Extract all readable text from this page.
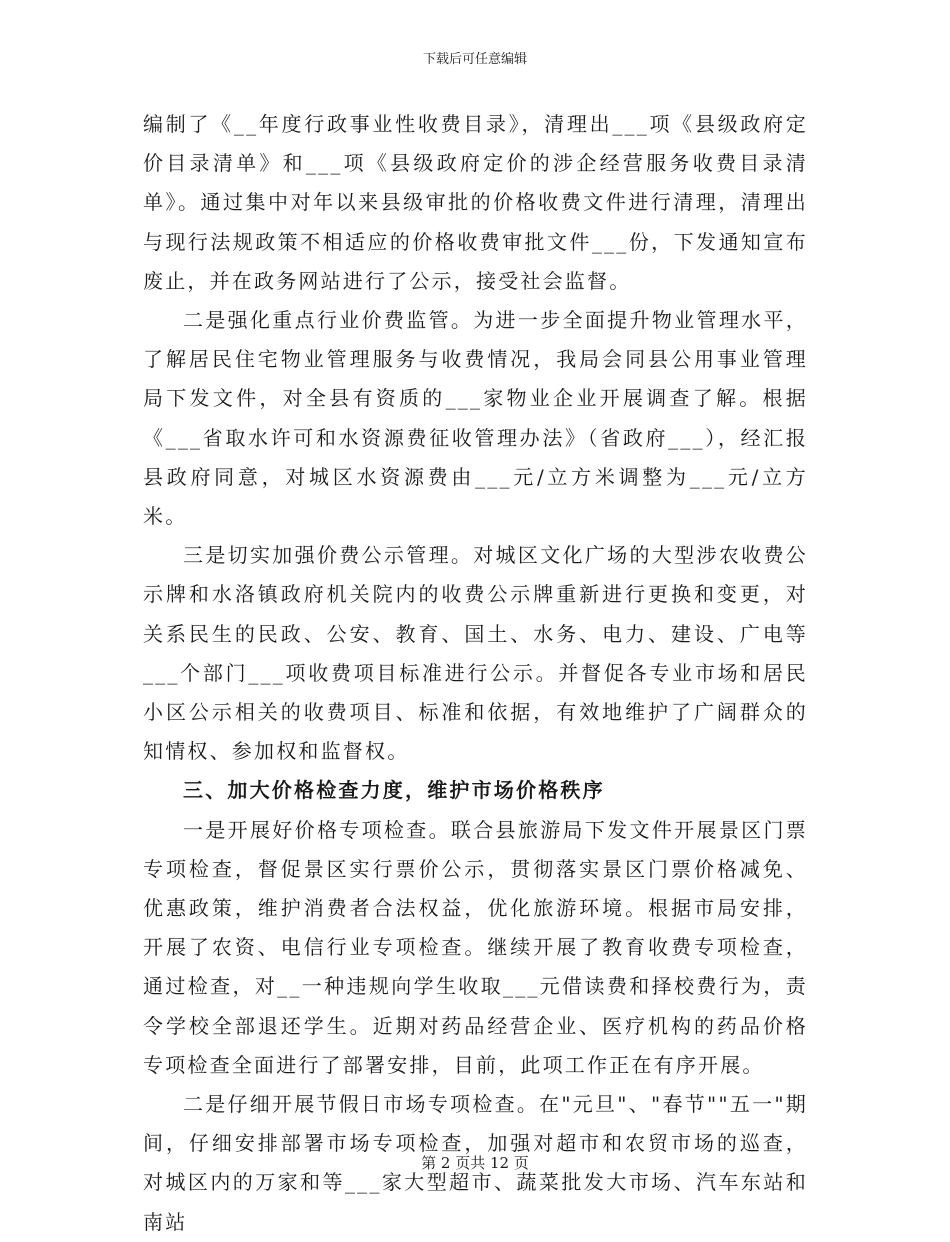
下载后可任意编辑

编制了《__年度行政事业性收费目录》，清理出___项《县级政府定价目录清单》和___项《县级政府定价的涉企经营服务收费目录清单》。通过集中对年以来县级审批的价格收费文件进行清理，清理出与现行法规政策不相适应的价格收费审批文件___份，下发通知宣布废止，并在政务网站进行了公示，接受社会监督。

二是强化重点行业价费监管。为进一步全面提升物业管理水平，了解居民住宅物业管理服务与收费情况，我局会同县公用事业管理局下发文件，对全县有资质的___家物业企业开展调查了解。根据《___省取水许可和水资源费征收管理办法》（省政府___），经汇报县政府同意，对城区水资源费由___元/立方米调整为___元/立方米。

三是切实加强价费公示管理。对城区文化广场的大型涉农收费公示牌和水洛镇政府机关院内的收费公示牌重新进行更换和变更，对关系民生的民政、公安、教育、国土、水务、电力、建设、广电等___个部门___项收费项目标准进行公示。并督促各专业市场和居民小区公示相关的收费项目、标准和依据，有效地维护了广阔群众的知情权、参加权和监督权。

三、加大价格检查力度，维护市场价格秩序

一是开展好价格专项检查。联合县旅游局下发文件开展景区门票专项检查，督促景区实行票价公示，贯彻落实景区门票价格减免、优惠政策，维护消费者合法权益，优化旅游环境。根据市局安排，开展了农资、电信行业专项检查。继续开展了教育收费专项检查，通过检查，对__一种违规向学生收取___元借读费和择校费行为，责令学校全部退还学生。近期对药品经营企业、医疗机构的药品价格专项检查全面进行了部署安排，目前，此项工作正在有序开展。

二是仔细开展节假日市场专项检查。在"元旦"、"春节""五一"期间，仔细安排部署市场专项检查，加强对超市和农贸市场的巡查，对城区内的万家和等___家大型超市、蔬菜批发大市场、汽车东站和南站

第 2 页共 12 页
